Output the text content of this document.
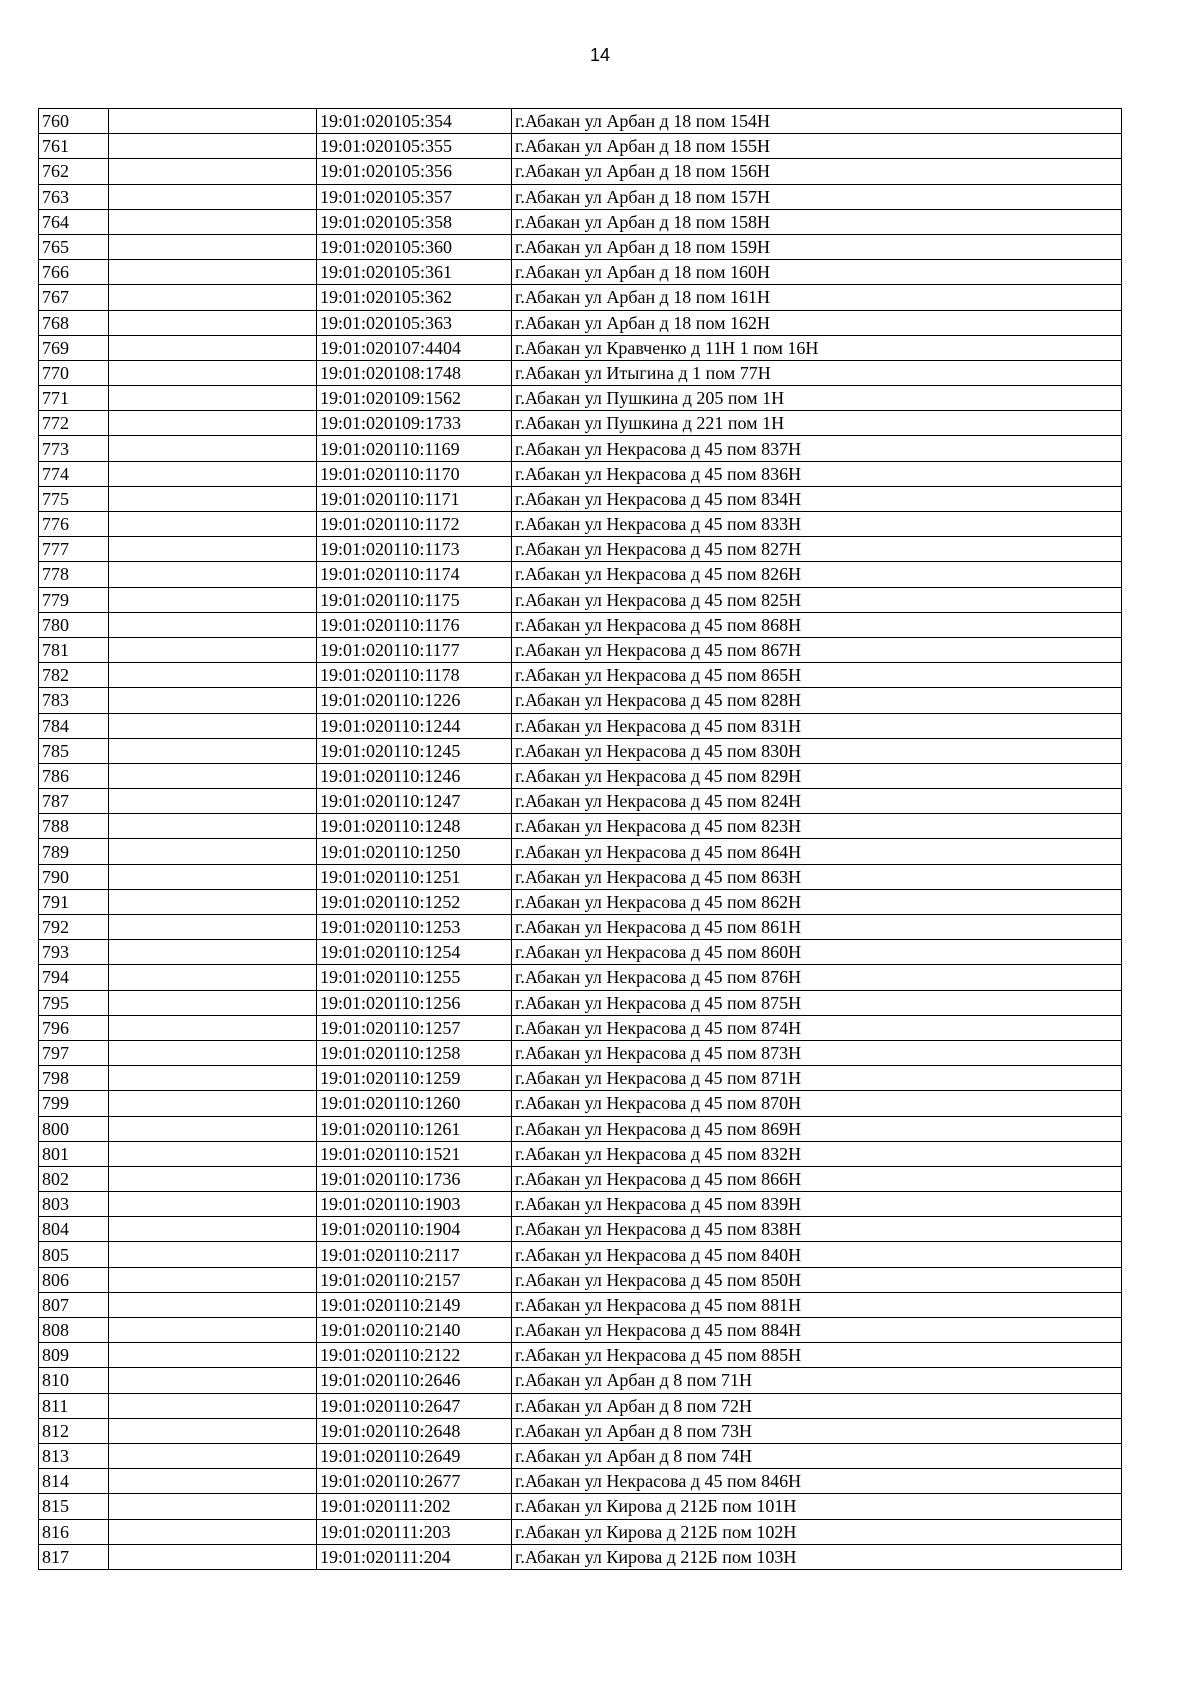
14
760		19:01:020105:354	г.Абакан ул Арбан д 18 пом 154Н
761		19:01:020105:355	г.Абакан ул Арбан д 18 пом 155Н
762		19:01:020105:356	г.Абакан ул Арбан д 18 пом 156Н
763		19:01:020105:357	г.Абакан ул Арбан д 18 пом 157Н
764		19:01:020105:358	г.Абакан ул Арбан д 18 пом 158Н
765		19:01:020105:360	г.Абакан ул Арбан д 18 пом 159Н
766		19:01:020105:361	г.Абакан ул Арбан д 18 пом 160Н
767		19:01:020105:362	г.Абакан ул Арбан д 18 пом 161Н
768		19:01:020105:363	г.Абакан ул Арбан д 18 пом 162Н
769		19:01:020107:4404	г.Абакан ул Кравченко д 11Н 1 пом 16Н
770		19:01:020108:1748	г.Абакан ул Итыгина д 1 пом 77Н
771		19:01:020109:1562	г.Абакан ул Пушкина д 205 пом 1Н
772		19:01:020109:1733	г.Абакан ул Пушкина д 221 пом 1Н
773		19:01:020110:1169	г.Абакан ул Некрасова д 45 пом 837Н
774		19:01:020110:1170	г.Абакан ул Некрасова д 45 пом 836Н
775		19:01:020110:1171	г.Абакан ул Некрасова д 45 пом 834Н
776		19:01:020110:1172	г.Абакан ул Некрасова д 45 пом 833Н
777		19:01:020110:1173	г.Абакан ул Некрасова д 45 пом 827Н
778		19:01:020110:1174	г.Абакан ул Некрасова д 45 пом 826Н
779		19:01:020110:1175	г.Абакан ул Некрасова д 45 пом 825Н
780		19:01:020110:1176	г.Абакан ул Некрасова д 45 пом 868Н
781		19:01:020110:1177	г.Абакан ул Некрасова д 45 пом 867Н
782		19:01:020110:1178	г.Абакан ул Некрасова д 45 пом 865Н
783		19:01:020110:1226	г.Абакан ул Некрасова д 45 пом 828Н
784		19:01:020110:1244	г.Абакан ул Некрасова д 45 пом 831Н
785		19:01:020110:1245	г.Абакан ул Некрасова д 45 пом 830Н
786		19:01:020110:1246	г.Абакан ул Некрасова д 45 пом 829Н
787		19:01:020110:1247	г.Абакан ул Некрасова д 45 пом 824Н
788		19:01:020110:1248	г.Абакан ул Некрасова д 45 пом 823Н
789		19:01:020110:1250	г.Абакан ул Некрасова д 45 пом 864Н
790		19:01:020110:1251	г.Абакан ул Некрасова д 45 пом 863Н
791		19:01:020110:1252	г.Абакан ул Некрасова д 45 пом 862Н
792		19:01:020110:1253	г.Абакан ул Некрасова д 45 пом 861Н
793		19:01:020110:1254	г.Абакан ул Некрасова д 45 пом 860Н
794		19:01:020110:1255	г.Абакан ул Некрасова д 45 пом 876Н
795		19:01:020110:1256	г.Абакан ул Некрасова д 45 пом 875Н
796		19:01:020110:1257	г.Абакан ул Некрасова д 45 пом 874Н
797		19:01:020110:1258	г.Абакан ул Некрасова д 45 пом 873Н
798		19:01:020110:1259	г.Абакан ул Некрасова д 45 пом 871Н
799		19:01:020110:1260	г.Абакан ул Некрасова д 45 пом 870Н
800		19:01:020110:1261	г.Абакан ул Некрасова д 45 пом 869Н
801		19:01:020110:1521	г.Абакан ул Некрасова д 45 пом 832Н
802		19:01:020110:1736	г.Абакан ул Некрасова д 45 пом 866Н
803		19:01:020110:1903	г.Абакан ул Некрасова д 45 пом 839Н
804		19:01:020110:1904	г.Абакан ул Некрасова д 45 пом 838Н
805		19:01:020110:2117	г.Абакан ул Некрасова д 45 пом 840Н
806		19:01:020110:2157	г.Абакан ул Некрасова д 45 пом 850Н
807		19:01:020110:2149	г.Абакан ул Некрасова д 45 пом 881Н
808		19:01:020110:2140	г.Абакан ул Некрасова д 45 пом 884Н
809		19:01:020110:2122	г.Абакан ул Некрасова д 45 пом 885Н
810		19:01:020110:2646	г.Абакан ул Арбан д 8 пом 71Н
811		19:01:020110:2647	г.Абакан ул Арбан д 8 пом 72Н
812		19:01:020110:2648	г.Абакан ул Арбан д 8 пом 73Н
813		19:01:020110:2649	г.Абакан ул Арбан д 8 пом 74Н
814		19:01:020110:2677	г.Абакан ул Некрасова д 45 пом 846Н
815		19:01:020111:202	г.Абакан ул Кирова д 212Б пом 101Н
816		19:01:020111:203	г.Абакан ул Кирова д 212Б пом 102Н
817		19:01:020111:204	г.Абакан ул Кирова д 212Б пом 103Н
